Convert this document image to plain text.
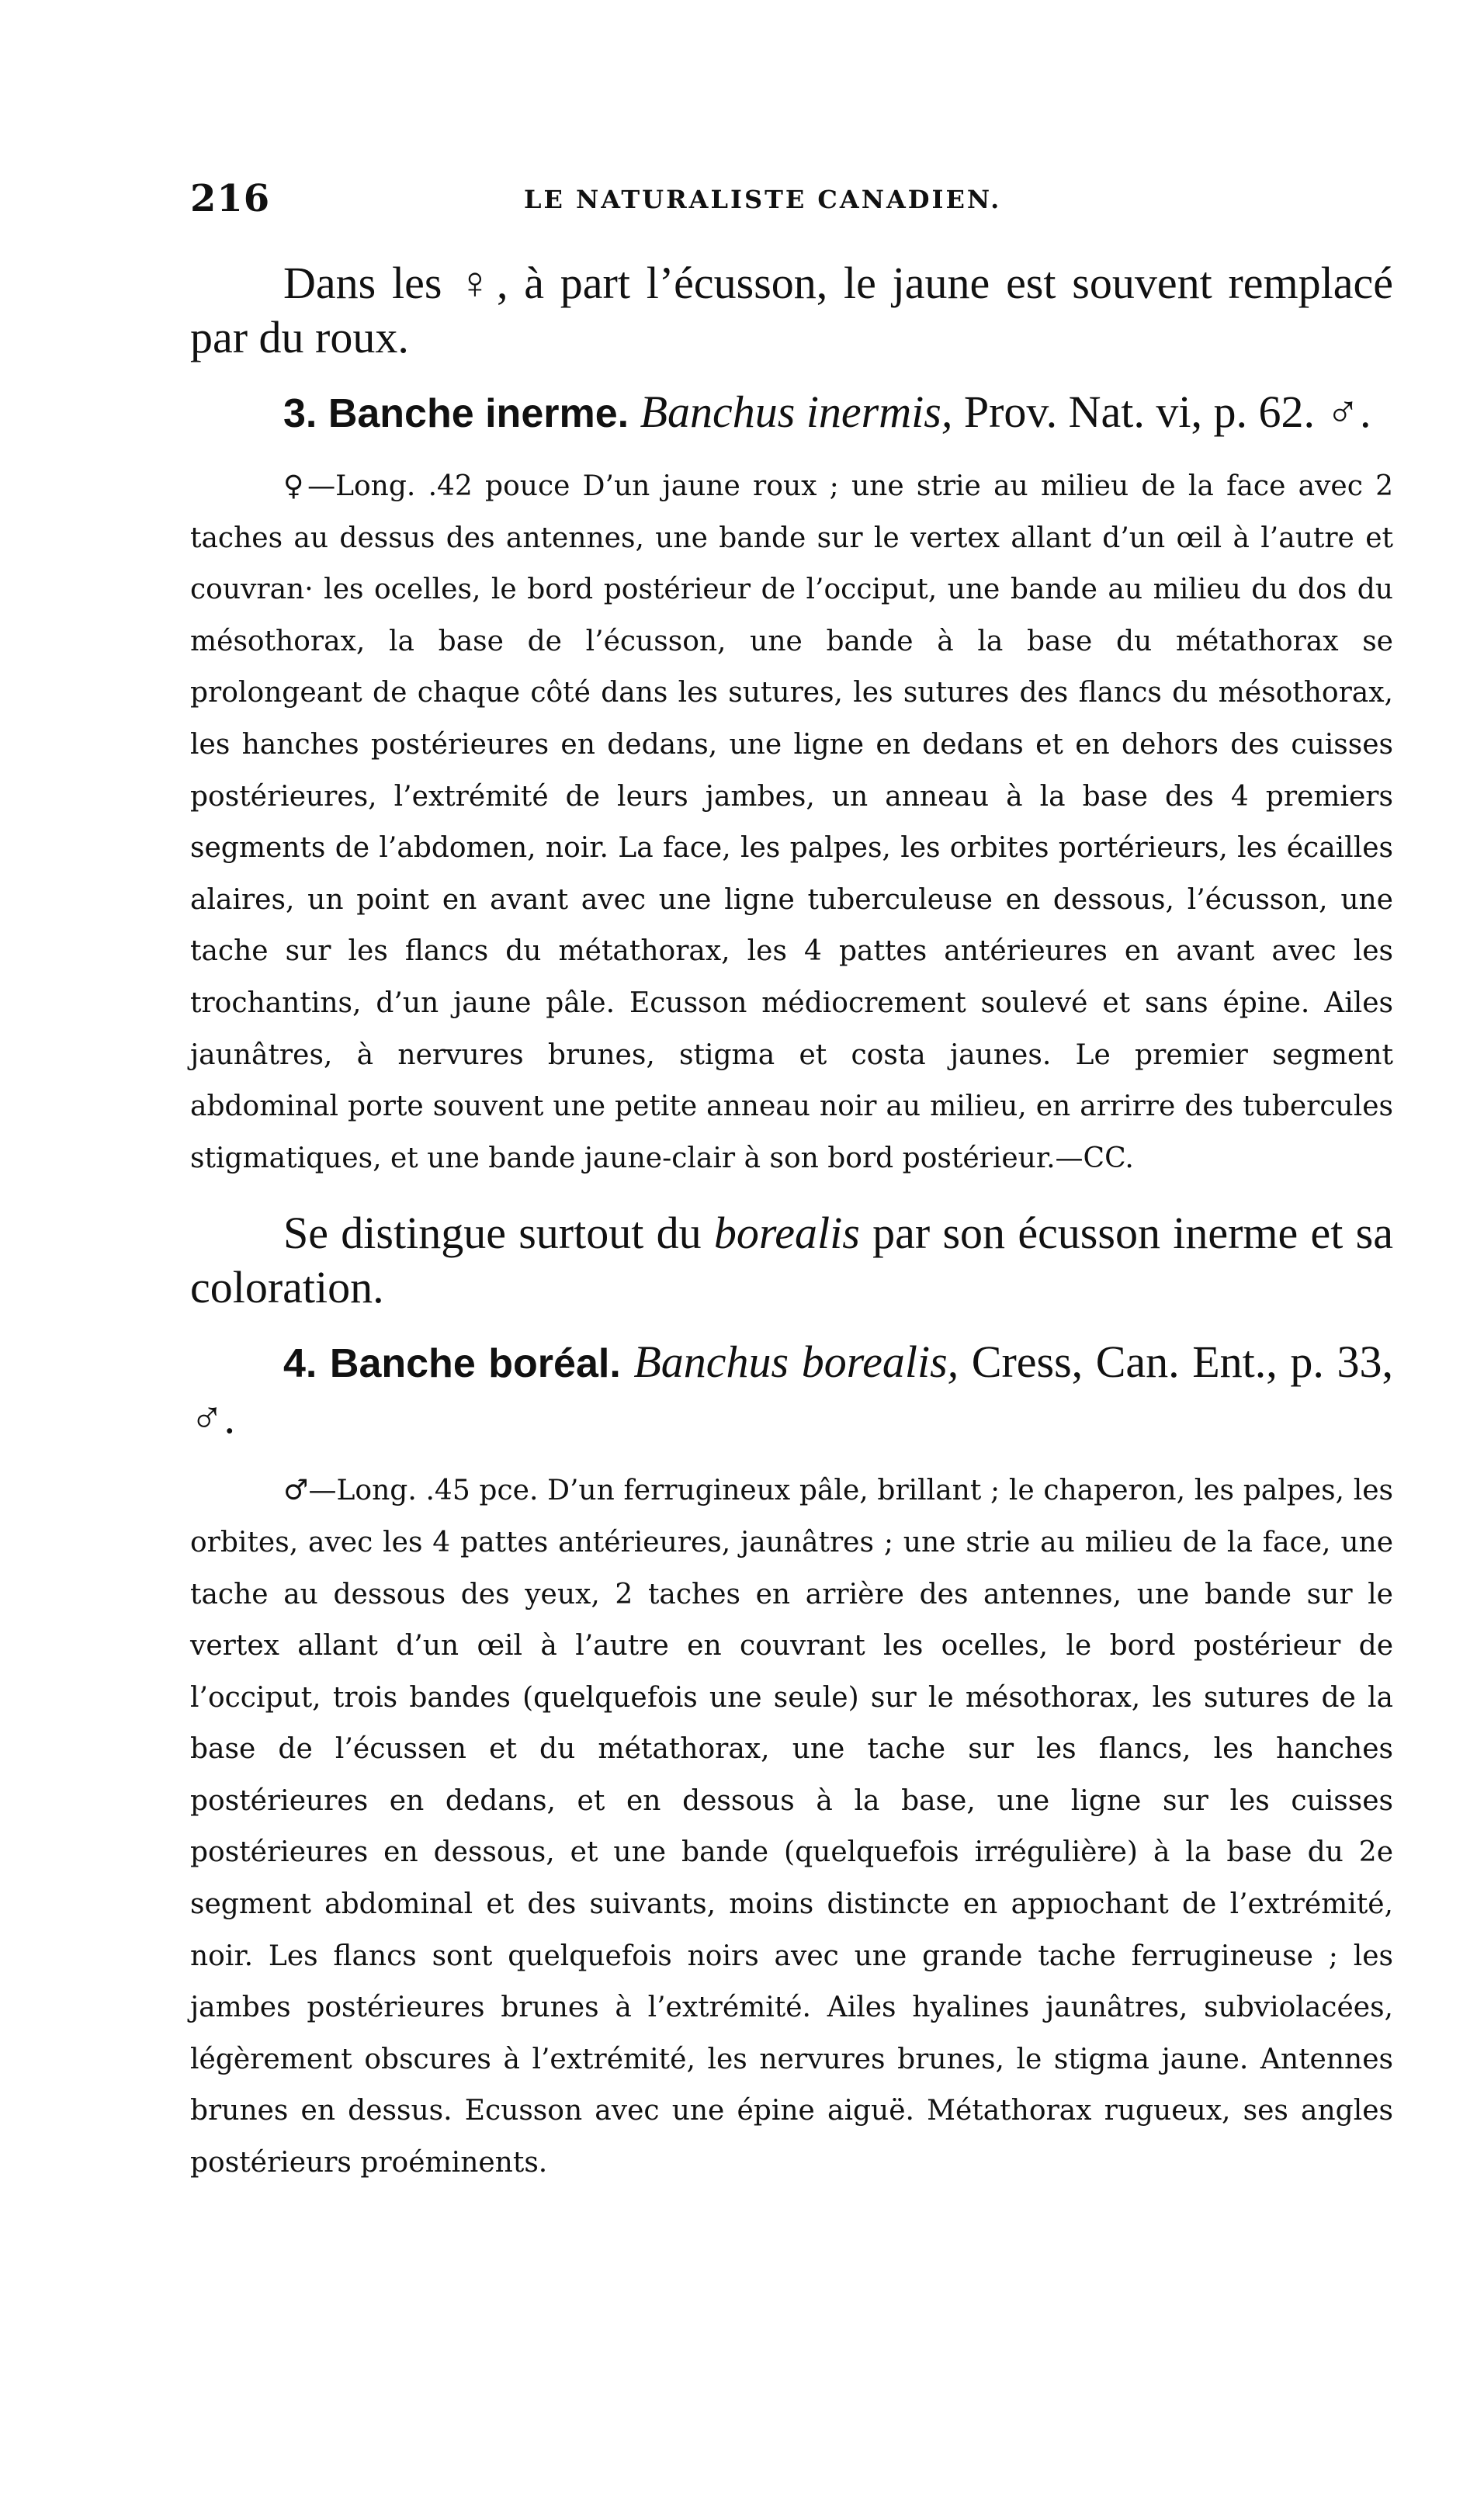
216	LE NATURALISTE CANADIEN.

Dans les ♀, à part l’écusson, le jaune est souvent remplacé par du roux.

3. Banche inerme. Banchus inermis, Prov. Nat. vi, p. 62. ♂.

♀—Long. .42 pouce D’un jaune roux ; une strie au milieu de la face avec 2 taches au dessus des antennes, une bande sur le vertex allant d’un œil à l’autre et couvran· les ocelles, le bord postérieur de l’occiput, une bande au milieu du dos du mésothorax, la base de l’écusson, une bande à la base du métathorax se prolongeant de chaque côté dans les sutures, les sutures des flancs du mésothorax, les hanches postérieures en dedans, une ligne en dedans et en dehors des cuisses postérieures, l’extrémité de leurs jambes, un anneau à la base des 4 premiers segments de l’abdomen, noir. La face, les palpes, les orbites portérieurs, les écailles alaires, un point en avant avec une ligne tuberculeuse en dessous, l’écusson, une tache sur les flancs du métathorax, les 4 pattes antérieures en avant avec les trochantins, d’un jaune pâle. Ecusson médiocrement soulevé et sans épine. Ailes jaunâtres, à nervures brunes, stigma et costa jaunes. Le premier segment abdominal porte souvent une petite anneau noir au milieu, en arrirre des tubercules stigmatiques, et une bande jaune-clair à son bord postérieur.—CC.

Se distingue surtout du borealis par son écusson inerme et sa coloration.

4. Banche boréal. Banchus borealis, Cress, Can. Ent., p. 33, ♂.

♂—Long. .45 pce. D’un ferrugineux pâle, brillant ; le chaperon, les palpes, les orbites, avec les 4 pattes antérieures, jaunâtres ; une strie au milieu de la face, une tache au dessous des yeux, 2 taches en arrière des antennes, une bande sur le vertex allant d’un œil à l’autre en couvrant les ocelles, le bord postérieur de l’occiput, trois bandes (quelquefois une seule) sur le mésothorax, les sutures de la base de l’écussen et du métathorax, une tache sur les flancs, les hanches postérieures en dedans, et en dessous à la base, une ligne sur les cuisses postérieures en dessous, et une bande (quelquefois irrégulière) à la base du 2e segment abdominal et des suivants, moins distincte en appıochant de l’extrémité, noir. Les flancs sont quelquefois noirs avec une grande tache ferrugineuse ; les jambes postérieures brunes à l’extrémité. Ailes hyalines jaunâtres, subviolacées, légèrement obscures à l’extrémité, les nervures brunes, le stigma jaune. Antennes brunes en dessus. Ecusson avec une épine aiguë. Métathorax rugueux, ses angles postérieurs proéminents.
